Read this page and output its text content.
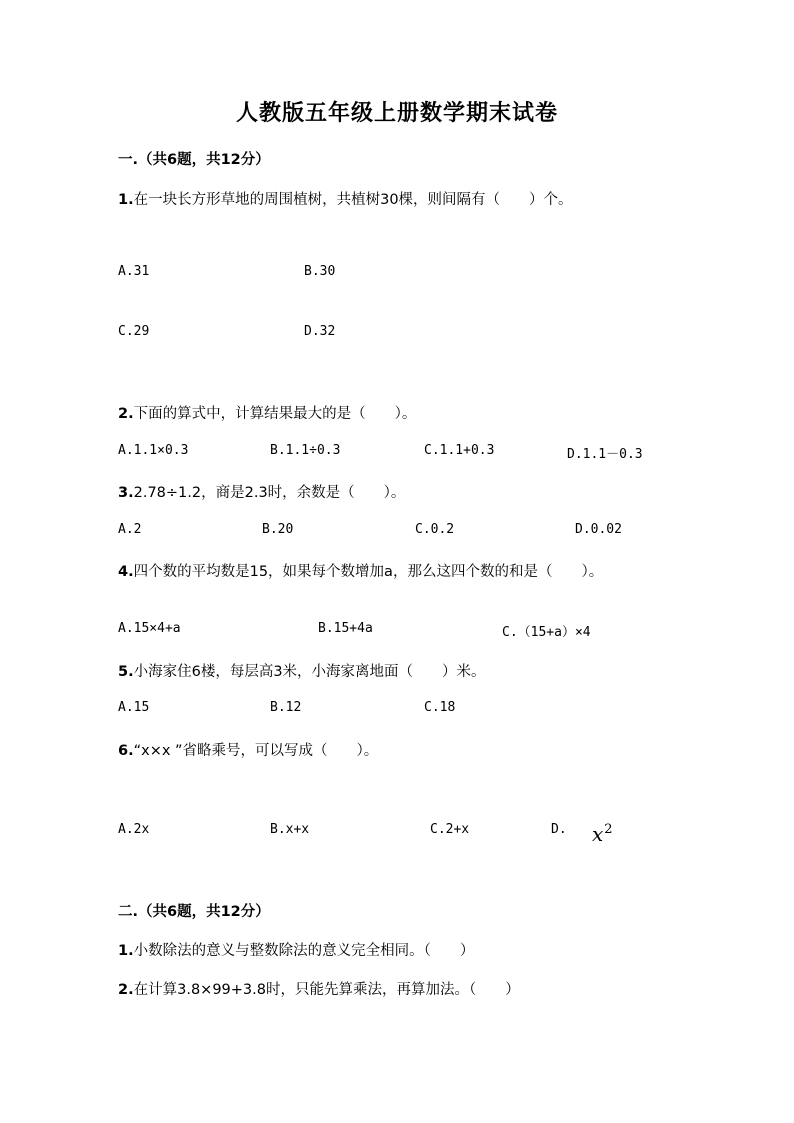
人教版五年级上册数学期末试卷
一.（共6题，共12分）
1.在一块长方形草地的周围植树，共植树30棵，则间隔有（　　）个。
A.31	B.30
C.29	D.32
2.下面的算式中，计算结果最大的是（　　）。
A.1.1×0.3	B.1.1÷0.3	C.1.1+0.3	D.1.1－0.3
3.2.78÷1.2，商是2.3时，余数是（　　）。
A.2	B.20	C.0.2	D.0.02
4.四个数的平均数是15，如果每个数增加a，那么这四个数的和是（　　）。
A.15×4+a	B.15+4a	C.（15+a）×4
5.小海家住6楼，每层高3米，小海家离地面（　　）米。
A.15	B.12	C.18
6.“x×x ”省略乘号，可以写成（　　）。
A.2x	B.x+x	C.2+x	D. $x^2$
二.（共6题，共12分）
1.小数除法的意义与整数除法的意义完全相同。（　　）
2.在计算3.8×99+3.8时，只能先算乘法，再算加法。（　　）
